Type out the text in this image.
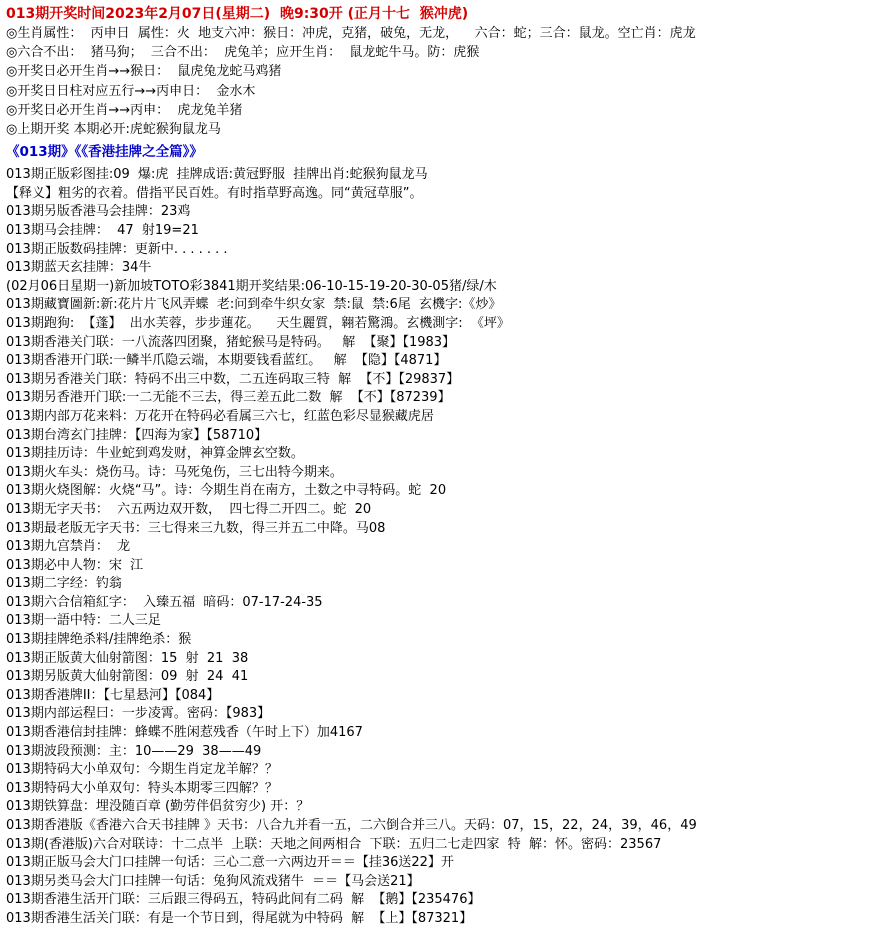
013期开奖时间2023年2月07日(星期二)  晚9:30开 (正月十七  猴冲虎)
◎生肖属性：  丙申日  属性：火  地支六冲：猴日：冲虎，克猪，破兔，无龙，    六合：蛇；三合：鼠龙。空亡肖：虎龙
◎六合不出：  猪马狗；  三合不出：  虎兔羊；应开生肖：  鼠龙蛇牛马。防：虎猴
◎开奖日必开生肖→→猴日：  鼠虎兔龙蛇马鸡猪
◎开奖日日柱对应五行→→丙申日：  金水木
◎开奖日必开生肖→→丙申：  虎龙兔羊猪
◎上期开奖 本期必开:虎蛇猴狗鼠龙马
《013期》《《香港挂牌之全篇》》
013期正版彩图挂:09  爆:虎  挂牌成语:黄冠野服  挂牌出肖:蛇猴狗鼠龙马
【释义】粗劣的衣着。借指平民百姓。有时指草野高逸。同“黄冠草服”。
013期另版香港马会挂牌：23鸡
013期马会挂牌：  47  射19=21
013期正版数码挂牌：更新中. . . . . . .
013期蓝天玄挂牌：34牛
(02月06日星期一)新加坡TOTO彩3841期开奖结果:06-10-15-19-20-30-05猪/绿/木
013期藏寶圖新:新:花片片飞风弄蝶  老:问到牵牛织女家  禁:鼠  禁:6尾  玄機字:《炒》
013期跑狗:  【蓬】  出水芙蓉，步步蓮花。    天生麗質，翱若驚鴻。玄機測字:  《坪》
013期香港关门联：一八流落四团聚，猪蛇猴马是特码。   解  【聚】【1983】
013期香港开门联:一鳞半爪隐云端，本期要钱看蓝红。   解  【隐】【4871】
013期另香港关门联：特码不出三中数，二五连码取三特  解  【不】【29837】
013期另香港开门联:一二无能不三去，得三差五此二数  解  【不】【87239】
013期内部万花来料：万花开在特码必看属三六七，红蓝色彩尽显猴藏虎居
013期台湾玄门挂牌：【四海为家】【58710】
013期挂历诗：牛业蛇到鸡发财，神算金牌玄空数。
013期火车头：烧伤马。诗：马死兔伤，三七出特今期来。
013期火烧图解：火烧“马”。诗：今期生肖在南方，土数之中寻特码。蛇  20
013期无字天书：  六五两边双开数，  四七得二开四二。蛇  20
013期最老版无字天书：三七得来三九数，得三并五二中降。马08
013期九宫禁肖：  龙
013期必中人物：宋  江
013期二字经：钓翁
013期六合信箱紅字：  入臻五福  暗码：07-17-24-35
013期一語中特：二人三足
013期挂牌绝杀料/挂牌绝杀：猴
013期正版黄大仙射箭图：15  射  21  38
013期另版黄大仙射箭图：09  射  24  41
013期香港牌II：【七星悬河】【084】
013期内部运程曰：一步凌霄。密码：【983】
013期香港信封挂牌：蜂蝶不胜闲惹残香（午时上下）加4167
013期波段预测：主：10——29  38——49
013期特码大小单双句：今期生肖定龙羊解？？
013期特码大小单双句：特头本期零三四解？？
013期铁算盘：埋没随百章 (勤劳伴侣贫穷少) 开：？
013期香港版《香港六合天书挂牌 》天书：八合九并看一五，二六倒合并三八。天码：07，15，22，24，39，46，49
013期(香港版)六合对联诗：十二点半  上联：天地之间两相合  下联：五归二七走四家  特  解：怀。密码：23567
013期正版马会大门口挂牌一句话：三心二意一六两边开＝＝【挂36送22】开
013期另类马会大门口挂牌一句话：兔狗风流戏猪牛  ＝＝【马会送21】
013期香港生活开门联：三后跟三得码五，特码此间有二码  解  【鹅】【235476】
013期香港生活关门联：有是一个节日到，得尾就为中特码  解  【上】【87321】
